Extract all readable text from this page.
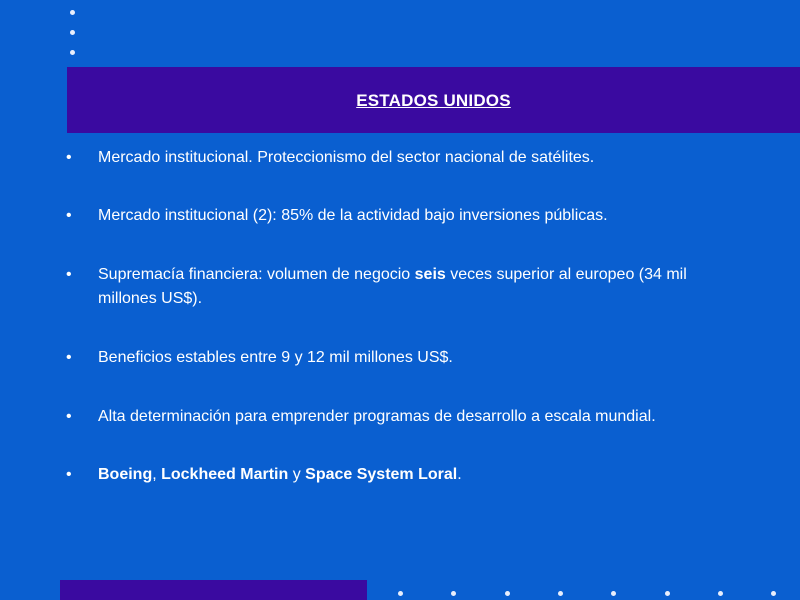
ESTADOS UNIDOS
•	Mercado institucional. Proteccionismo del sector nacional de satélites.
•	Mercado institucional (2): 85% de la actividad bajo inversiones públicas.
•	Supremacía financiera: volumen de negocio seis veces superior al europeo (34 mil millones US$).
•	Beneficios estables entre 9 y 12 mil millones US$.
•	Alta determinación para emprender programas de desarrollo a escala mundial.
•	Boeing, Lockheed Martin y Space System Loral.
